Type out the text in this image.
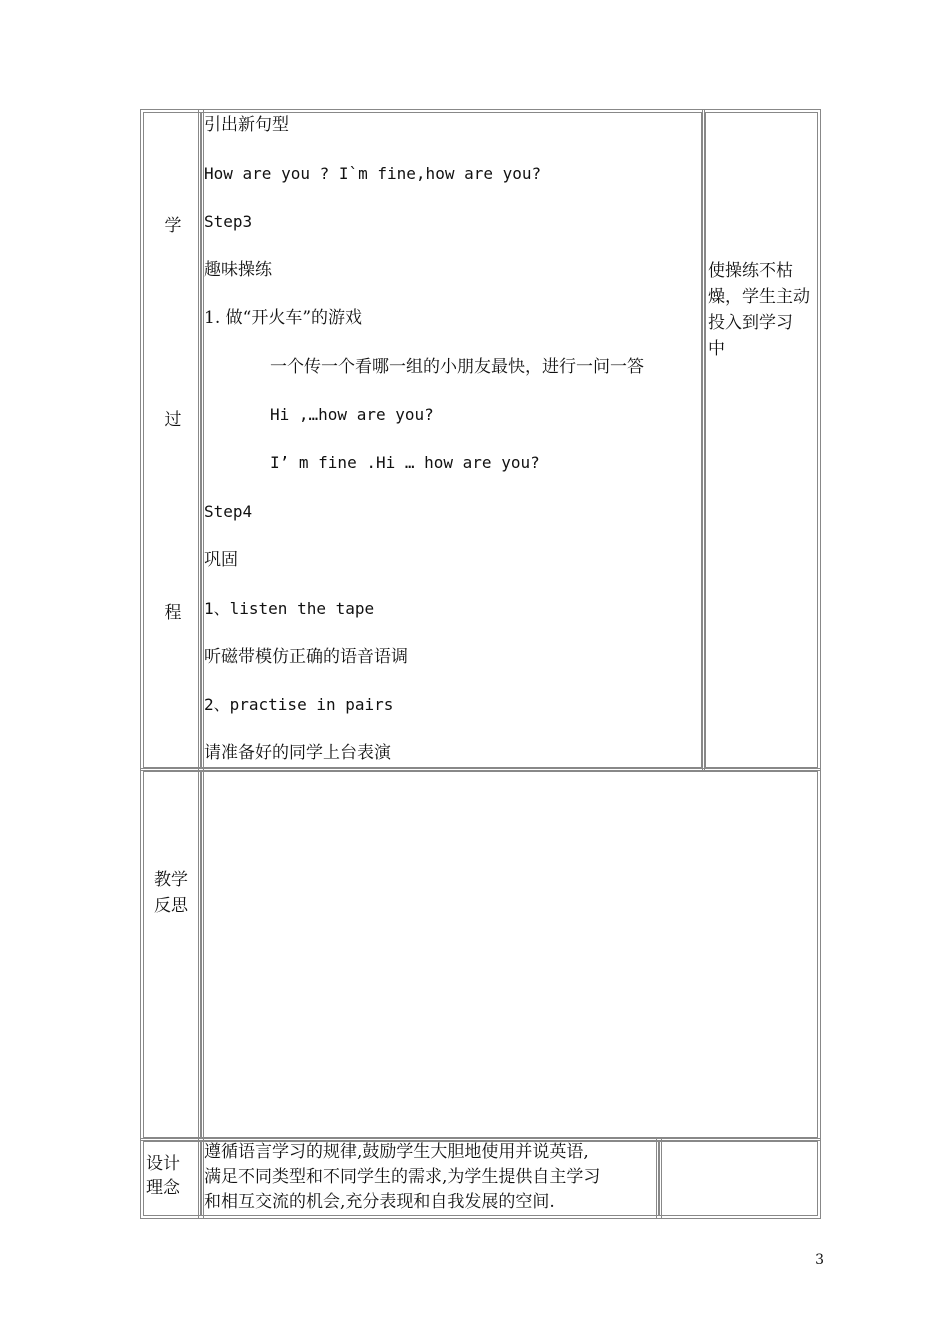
学
过
程
引出新句型
How are you ? I`m fine,how are you?
Step3
趣味操练
1. 做“开火车”的游戏
一个传一个看哪一组的小朋友最快，进行一问一答
Hi ,…how are you?
I’ m fine .Hi … how are you?
Step4
巩固
1、listen the tape
听磁带模仿正确的语音语调
2、practise in pairs
请准备好的同学上台表演
使操练不枯
燥，学生主动
投入到学习
中
教学
反思
设计
理念
遵循语言学习的规律,鼓励学生大胆地使用并说英语,
满足不同类型和不同学生的需求,为学生提供自主学习
和相互交流的机会,充分表现和自我发展的空间.
3
